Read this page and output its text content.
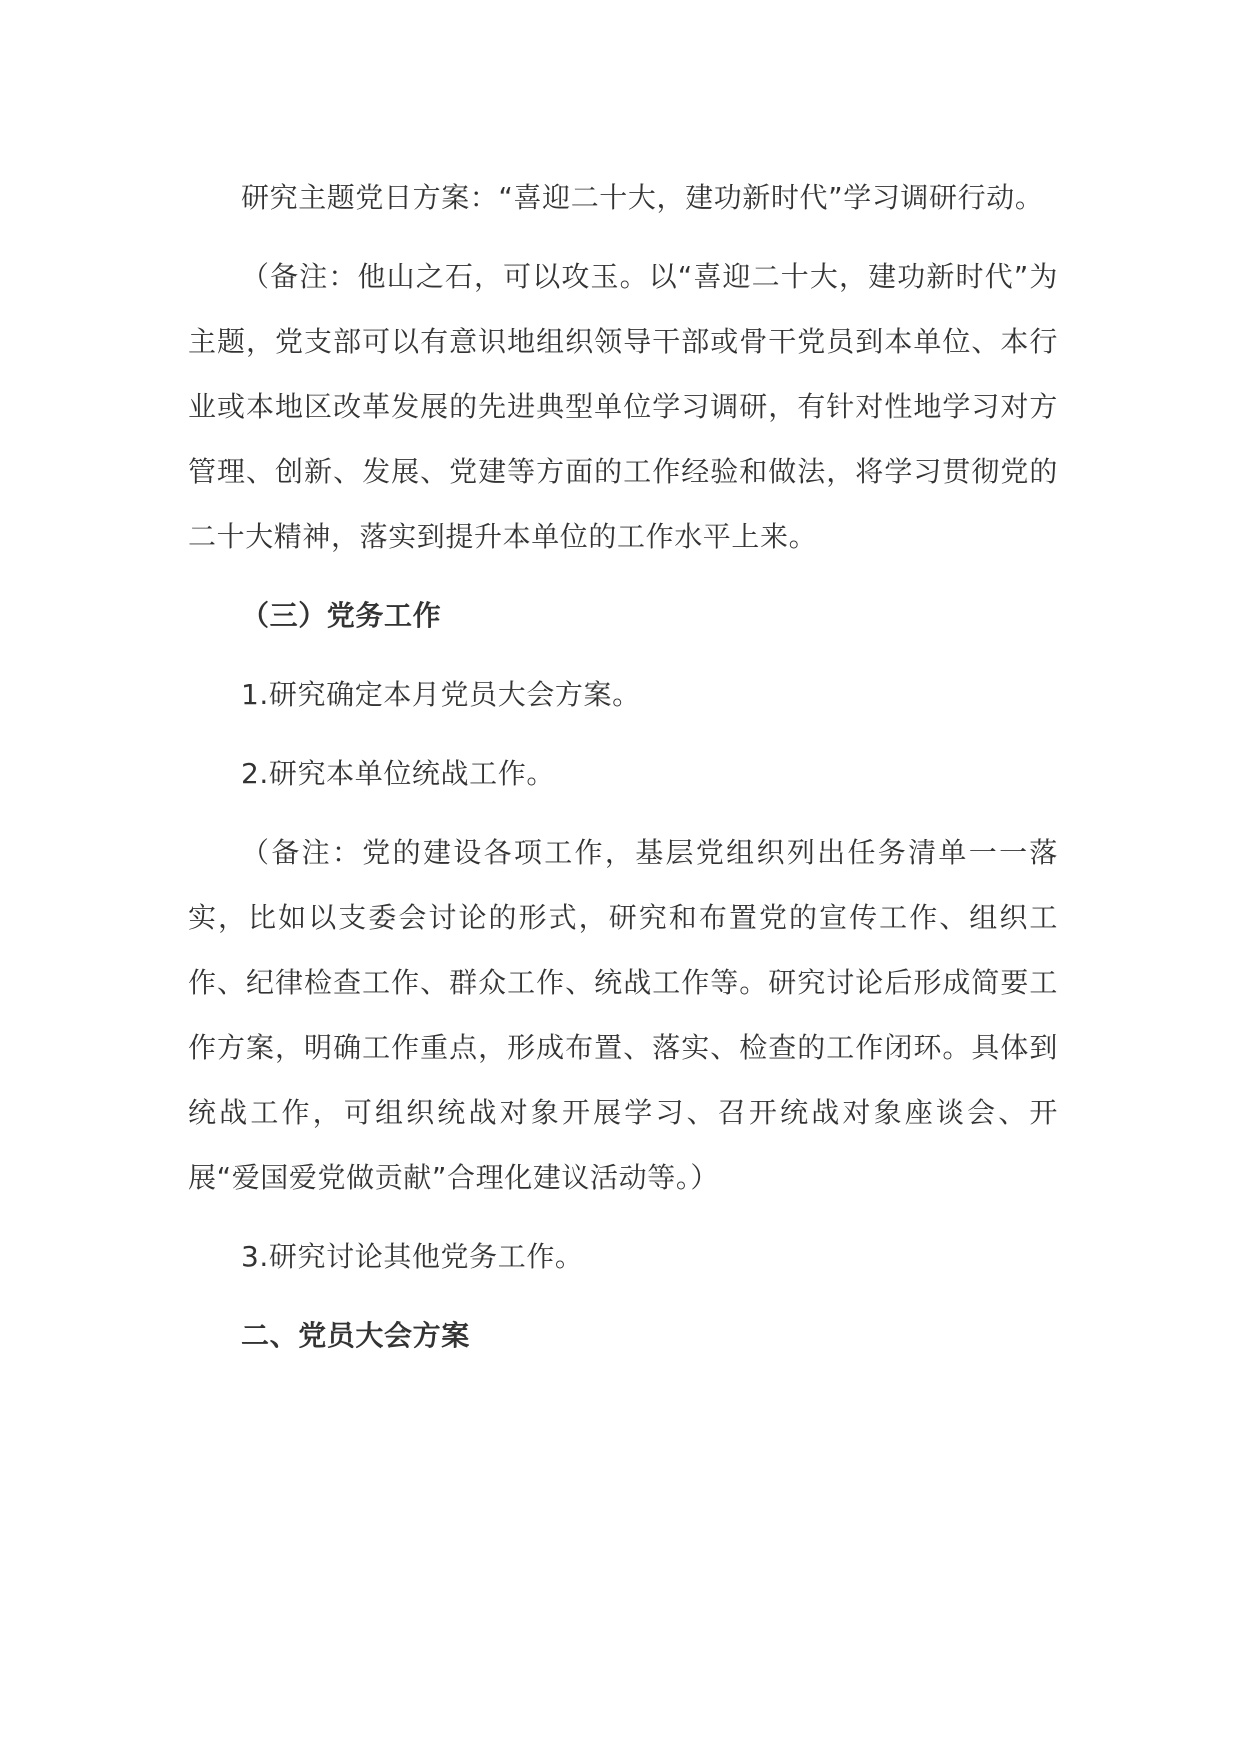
研究主题党日方案：“喜迎二十大，建功新时代”学习调研行动。

（备注：他山之石，可以攻玉。以“喜迎二十大，建功新时代”为主题，党支部可以有意识地组织领导干部或骨干党员到本单位、本行业或本地区改革发展的先进典型单位学习调研，有针对性地学习对方管理、创新、发展、党建等方面的工作经验和做法，将学习贯彻党的二十大精神，落实到提升本单位的工作水平上来。

（三）党务工作

1.研究确定本月党员大会方案。

2.研究本单位统战工作。

（备注：党的建设各项工作，基层党组织列出任务清单一一落实，比如以支委会讨论的形式，研究和布置党的宣传工作、组织工作、纪律检查工作、群众工作、统战工作等。研究讨论后形成简要工作方案，明确工作重点，形成布置、落实、检查的工作闭环。具体到统战工作，可组织统战对象开展学习、召开统战对象座谈会、开展“爱国爱党做贡献”合理化建议活动等。）

3.研究讨论其他党务工作。

二、党员大会方案
